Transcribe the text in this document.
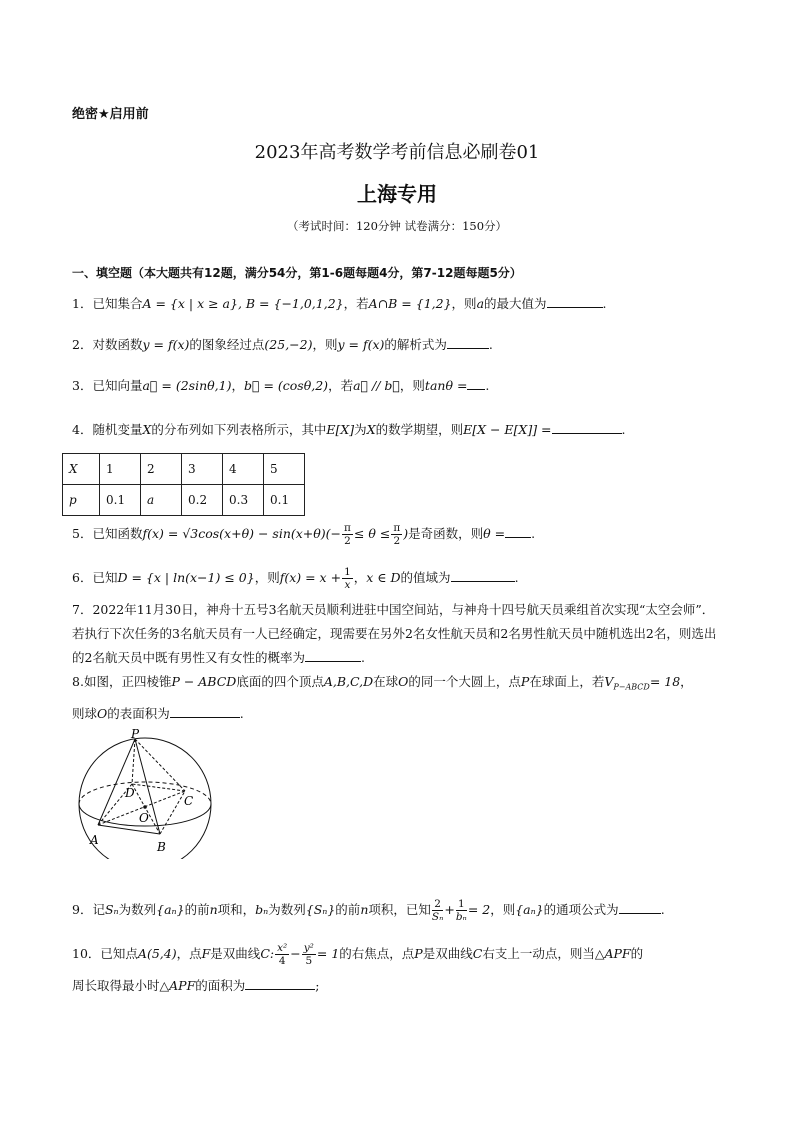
绝密★启用前
2023年高考数学考前信息必刷卷01
上海专用
（考试时间：120分钟 试卷满分：150分）
一、填空题（本大题共有12题，满分54分，第1-6题每题4分，第7-12题每题5分）
1．已知集合A = {x | x ≥ a}, B = {−1,0,1,2}，若A∩B = {1,2}，则a的最大值为	.
2．对数函数y = f(x)的图象经过点(25,−2)，则y = f(x)的解析式为	.
3．已知向量a⃗ = (2sinθ,1)，b⃗ = (cosθ,2)，若a⃗ // b⃗，则tanθ = .
4．随机变量X的分布列如下列表格所示，其中E[X]为X的数学期望，则E[X − E[X]] =	.
X	1	2	3	4	5
p	0.1	a	0.2	0.3	0.1
5．已知函数$f(x) = √3\cos(x+\theta) - \sin(x+\theta)(- \frac{\pi}{2} \le \theta \le \frac{\pi}{2}$ )是奇函数，则θ = .
6．已知D = {x | ln(x−1) ≤ 0}，则$f(x) = x + \frac{1}{x}$ ，x ∈ D的值域为	.
7．2022年11月30日，神舟十五号3名航天员顺利进驻中国空间站，与神舟十四号航天员乘组首次实现“太空会师”．若执行下次任务的3名航天员有一人已经确定，现需要在另外2名女性航天员和2名男性航天员中随机选出2名，则选出的2名航天员中既有男性又有女性的概率为	.
8.如图，正四棱锥P − ABCD底面的四个顶点A,B,C,D在球O的同一个大圆上，点P在球面上，若$V_{P-ABCD}= 18$，
则球O的表面积为	.
P
A	B
C
D
O
9．记Sₙ为数列{aₙ}的前n项和，bₙ为数列{Sₙ}的前n项积，已知 $\frac{2}{\text{Sₙ}} + \frac{1}{\text{bₙ}} = 2$，则{aₙ}的通项公式为	.
10．已知点A(5,4)，点F是双曲线C: $\frac{\text{x²}}{4} - \frac{\text{y²}}{5} = 1$的右焦点，点P是双曲线C右支上一动点，则当△APF的
周长取得最小时△APF的面积为	;
